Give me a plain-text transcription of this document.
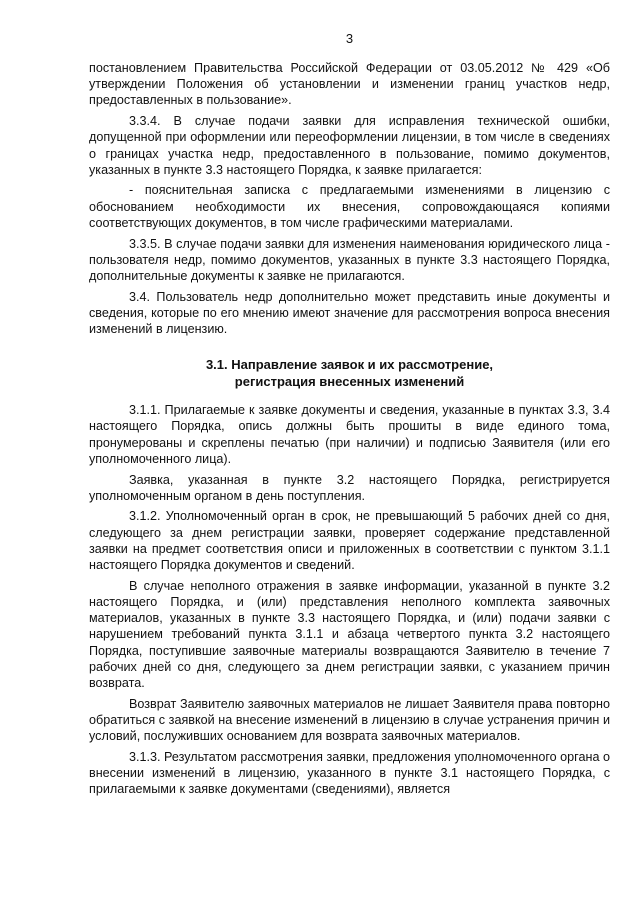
3

постановлением Правительства Российской Федерации от 03.05.2012 № 429 «Об утверждении Положения об установлении и изменении границ участков недр, предоставленных в пользование».

3.3.4. В случае подачи заявки для исправления технической ошибки, допущенной при оформлении или переоформлении лицензии, в том числе в сведениях о границах участка недр, предоставленного в пользование, помимо документов, указанных в пункте 3.3 настоящего Порядка, к заявке прилагается:

- пояснительная записка с предлагаемыми изменениями в лицензию с обоснованием необходимости их внесения, сопровождающаяся копиями соответствующих документов, в том числе графическими материалами.

3.3.5. В случае подачи заявки для изменения наименования юридического лица - пользователя недр, помимо документов, указанных в пункте 3.3 настоящего Порядка, дополнительные документы к заявке не прилагаются.

3.4. Пользователь недр дополнительно может представить иные документы и сведения, которые по его мнению имеют значение для рассмотрения вопроса внесения изменений в лицензию.

3.1. Направление заявок и их рассмотрение,
регистрация внесенных изменений

3.1.1. Прилагаемые к заявке документы и сведения, указанные в пунктах 3.3, 3.4 настоящего Порядка, опись должны быть прошиты в виде единого тома, пронумерованы и скреплены печатью (при наличии) и подписью Заявителя (или его уполномоченного лица).

Заявка, указанная в пункте 3.2 настоящего Порядка, регистрируется уполномоченным органом в день поступления.

3.1.2. Уполномоченный орган в срок, не превышающий 5 рабочих дней со дня, следующего за днем регистрации заявки, проверяет содержание представленной заявки на предмет соответствия описи и приложенных в соответствии с пунктом 3.1.1 настоящего Порядка документов и сведений.

В случае неполного отражения в заявке информации, указанной в пункте 3.2 настоящего Порядка, и (или) представления неполного комплекта заявочных материалов, указанных в пункте 3.3 настоящего Порядка, и (или) подачи заявки с нарушением требований пункта 3.1.1 и абзаца четвертого пункта 3.2 настоящего Порядка, поступившие заявочные материалы возвращаются Заявителю в течение 7 рабочих дней со дня, следующего за днем регистрации заявки, с указанием причин возврата.

Возврат Заявителю заявочных материалов не лишает Заявителя права повторно обратиться с заявкой на внесение изменений в лицензию в случае устранения причин и условий, послуживших основанием для возврата заявочных материалов.

3.1.3. Результатом рассмотрения заявки, предложения уполномоченного органа о внесении изменений в лицензию, указанного в пункте 3.1 настоящего Порядка, с прилагаемыми к заявке документами (сведениями), является
